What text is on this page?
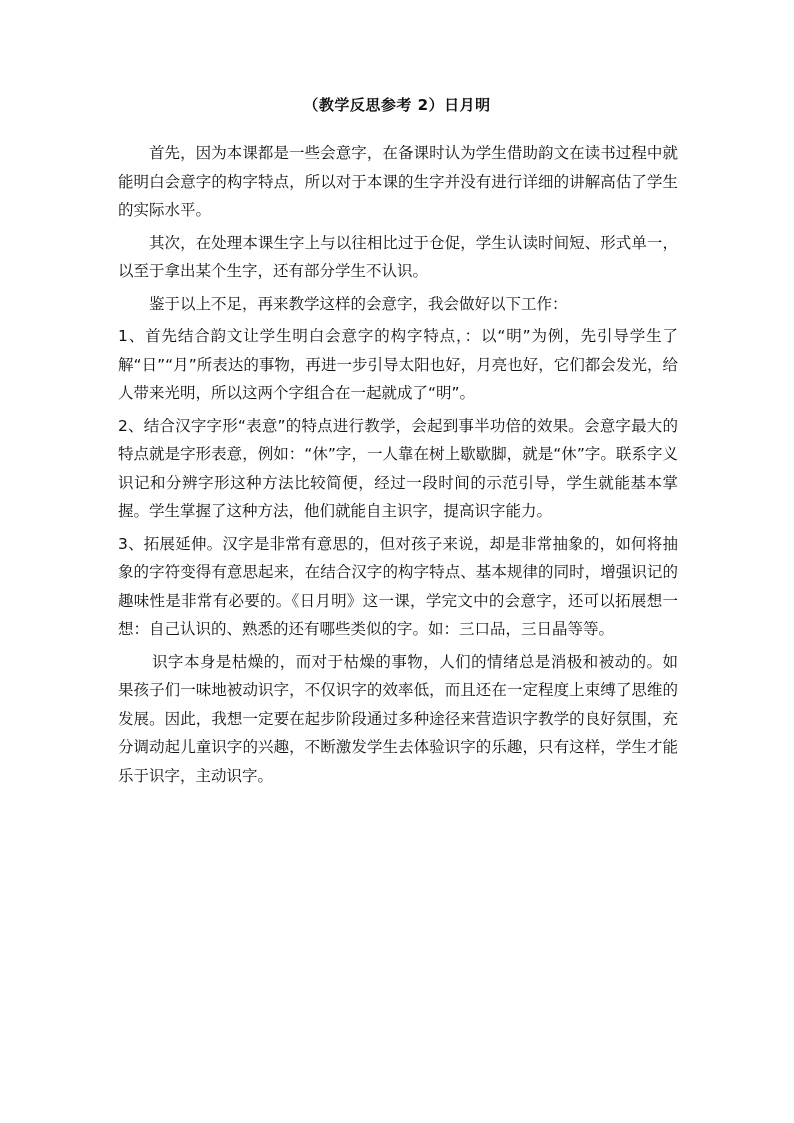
（教学反思参考 2）日月明

首先，因为本课都是一些会意字，在备课时认为学生借助韵文在读书过程中就能明白会意字的构字特点，所以对于本课的生字并没有进行详细的讲解高估了学生的实际水平。

其次，在处理本课生字上与以往相比过于仓促，学生认读时间短、形式单一，以至于拿出某个生字，还有部分学生不认识。

鉴于以上不足，再来教学这样的会意字，我会做好以下工作：

1、首先结合韵文让学生明白会意字的构字特点，：以“明”为例，先引导学生了解“日”“月”所表达的事物，再进一步引导太阳也好，月亮也好，它们都会发光，给人带来光明，所以这两个字组合在一起就成了“明”。

2、结合汉字字形“表意”的特点进行教学，会起到事半功倍的效果。会意字最大的特点就是字形表意，例如：“休”字，一人靠在树上歇歇脚，就是“休”字。联系字义识记和分辨字形这种方法比较简便，经过一段时间的示范引导，学生就能基本掌握。学生掌握了这种方法，他们就能自主识字，提高识字能力。

3、拓展延伸。汉字是非常有意思的，但对孩子来说，却是非常抽象的，如何将抽象的字符变得有意思起来，在结合汉字的构字特点、基本规律的同时，增强识记的趣味性是非常有必要的。《日月明》这一课，学完文中的会意字，还可以拓展想一想：自己认识的、熟悉的还有哪些类似的字。如：三口品，三日晶等等。

识字本身是枯燥的，而对于枯燥的事物，人们的情绪总是消极和被动的。如果孩子们一味地被动识字，不仅识字的效率低，而且还在一定程度上束缚了思维的发展。因此，我想一定要在起步阶段通过多种途径来营造识字教学的良好氛围，充分调动起儿童识字的兴趣，不断激发学生去体验识字的乐趣，只有这样，学生才能乐于识字，主动识字。
